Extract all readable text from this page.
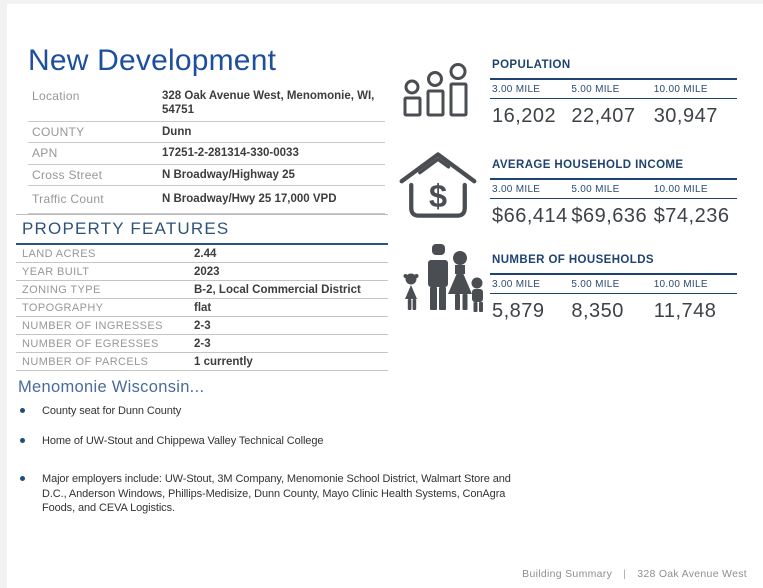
New Development
Location	328 Oak Avenue West, Menomonie, WI, 54751
COUNTY	Dunn
APN	17251-2-281314-330-0033
Cross Street	N Broadway/Highway 25
Traffic Count	N Broadway/Hwy 25 17,000 VPD
PROPERTY FEATURES
LAND ACRES	2.44
YEAR BUILT	2023
ZONING TYPE	B-2, Local Commercial District
TOPOGRAPHY	flat
NUMBER OF INGRESSES	2-3
NUMBER OF EGRESSES	2-3
NUMBER OF PARCELS	1 currently
$
POPULATION
3.00 MILE	5.00 MILE	10.00 MILE
16,202 22,407 30,947
AVERAGE HOUSEHOLD INCOME
3.00 MILE	5.00 MILE	10.00 MILE
$66,414 $69,636 $74,236
NUMBER OF HOUSEHOLDS
3.00 MILE	5.00 MILE	10.00 MILE
5,879	8,350	11,748
Menomonie Wisconsin...
County seat for Dunn County
Home of UW-Stout and Chippewa Valley Technical College
Major employers include: UW-Stout, 3M Company, Menomonie School District, Walmart Store and D.C., Anderson Windows, Phillips-Medisize, Dunn County, Mayo Clinic Health Systems, ConAgra Foods, and CEVA Logistics.
Building Summary | 328 Oak Avenue West
